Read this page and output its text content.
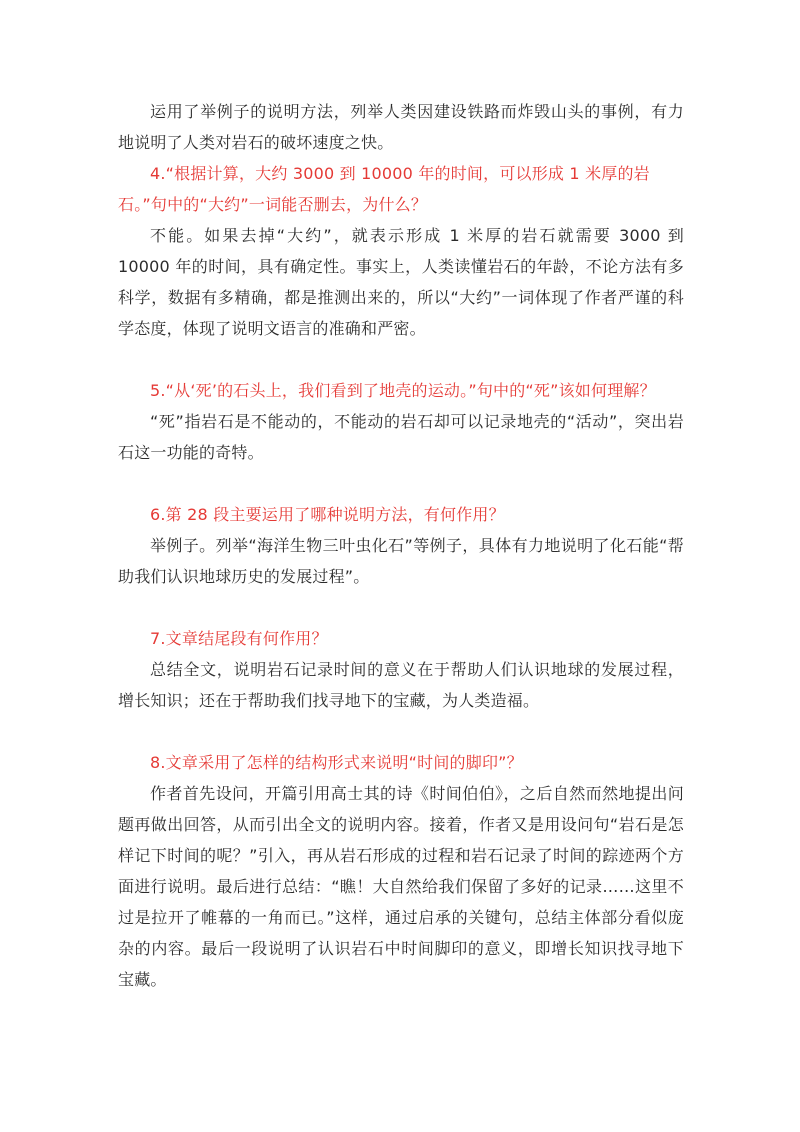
运用了举例子的说明方法，列举人类因建设铁路而炸毁山头的事例，有力地说明了人类对岩石的破坏速度之快。

4.“根据计算，大约 3000 到 10000 年的时间，可以形成 1 米厚的岩石。”句中的“大约”一词能否删去，为什么？

不能。如果去掉“大约”，就表示形成 1 米厚的岩石就需要 3000 到 10000 年的时间，具有确定性。事实上，人类读懂岩石的年龄，不论方法有多科学，数据有多精确，都是推测出来的，所以“大约”一词体现了作者严谨的科学态度，体现了说明文语言的准确和严密。

5.“从‘死’的石头上，我们看到了地壳的运动。”句中的“死”该如何理解？

“死”指岩石是不能动的，不能动的岩石却可以记录地壳的“活动”，突出岩石这一功能的奇特。

6.第 28 段主要运用了哪种说明方法，有何作用？

举例子。列举“海洋生物三叶虫化石”等例子，具体有力地说明了化石能“帮助我们认识地球历史的发展过程”。

7.文章结尾段有何作用？

总结全文，说明岩石记录时间的意义在于帮助人们认识地球的发展过程，增长知识；还在于帮助我们找寻地下的宝藏，为人类造福。

8.文章采用了怎样的结构形式来说明“时间的脚印”？

作者首先设问，开篇引用高士其的诗《时间伯伯》，之后自然而然地提出问题再做出回答，从而引出全文的说明内容。接着，作者又是用设问句“岩石是怎样记下时间的呢？”引入，再从岩石形成的过程和岩石记录了时间的踪迹两个方面进行说明。最后进行总结：“瞧！大自然给我们保留了多好的记录……这里不过是拉开了帷幕的一角而已。”这样，通过启承的关键句，总结主体部分看似庞杂的内容。最后一段说明了认识岩石中时间脚印的意义，即增长知识找寻地下宝藏。
